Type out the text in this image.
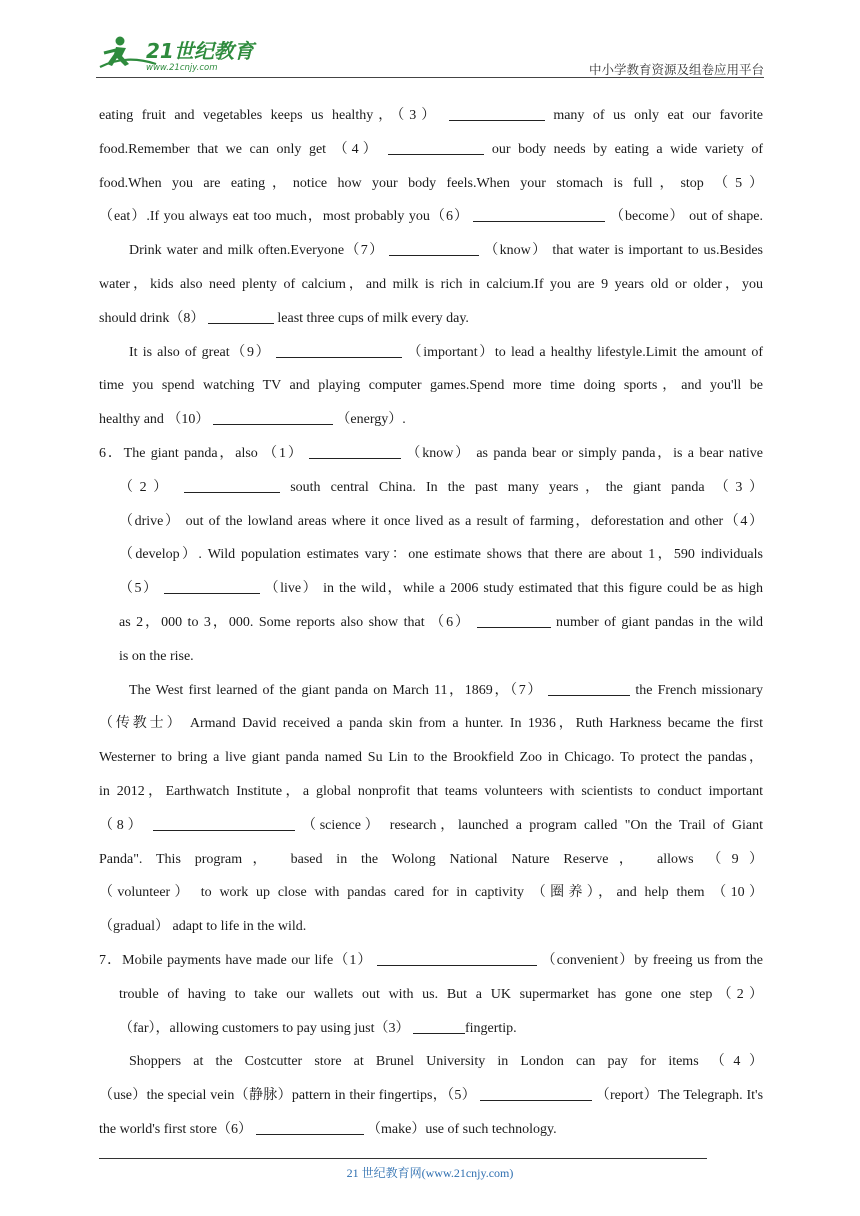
21世纪教育
www.21cnjy.com	中小学教育资源及组卷应用平台
eating fruit and vegetables keeps us healthy，（3）	many of us only eat our favorite
food.Remember that we can only get （4）	our body needs by eating a wide variety of
food.When you are eating，notice how your body feels.When your stomach is full，stop （5）
（eat）.If you always eat too much，most probably you（6）	（become） out of shape.
Drink water and milk often.Everyone（7）	（know） that water is important to us.Besides
water，kids also need plenty of calcium，and milk is rich in calcium.If you are 9 years old or older，you
should drink（8）	least three cups of milk every day.
It is also of great（9）	（important）to lead a healthy lifestyle.Limit the amount of
time you spend watching TV and playing computer games.Spend more time doing sports，and you'll be
healthy and （10）	（energy）.
6．The giant panda，also （1）	（know） as panda bear or simply panda，is a bear native
（2）	south central China. In the past many years，the giant panda （3）
（drive） out of the lowland areas where it once lived as a result of farming，deforestation and other（4）
（develop）. Wild population estimates vary：one estimate shows that there are about 1，590 individuals
（5）	（live） in the wild，while a 2006 study estimated that this figure could be as high
as 2，000 to 3，000. Some reports also show that （6）	number of giant pandas in the wild
is on the rise.
The West first learned of the giant panda on March 11，1869，（7）	the French missionary
（传教士） Armand David received a panda skin from a hunter. In 1936，Ruth Harkness became the first
Westerner to bring a live giant panda named Su Lin to the Brookfield Zoo in Chicago. To protect the pandas，
in 2012，Earthwatch Institute，a global nonprofit that teams volunteers with scientists to conduct important
（8）	（science） research，launched a program called "On the Trail of Giant
Panda". This program， based in the Wolong National Nature Reserve， allows （9）
（volunteer） to work up close with pandas cared for in captivity （圈养），and help them （10）
（gradual） adapt to life in the wild.
7．Mobile payments have made our life（1）	（convenient）by freeing us from the
trouble of having to take our wallets out with us. But a UK supermarket has gone one step（2）
（far），allowing customers to pay using just（3）	fingertip.
Shoppers at the Costcutter store at Brunel University in London can pay for items （4）
（use）the special vein（静脉）pattern in their fingertips，（5）	（report）The Telegraph. It's
the world's first store（6）	（make）use of such technology.
21 世纪教育网(www.21cnjy.com)
